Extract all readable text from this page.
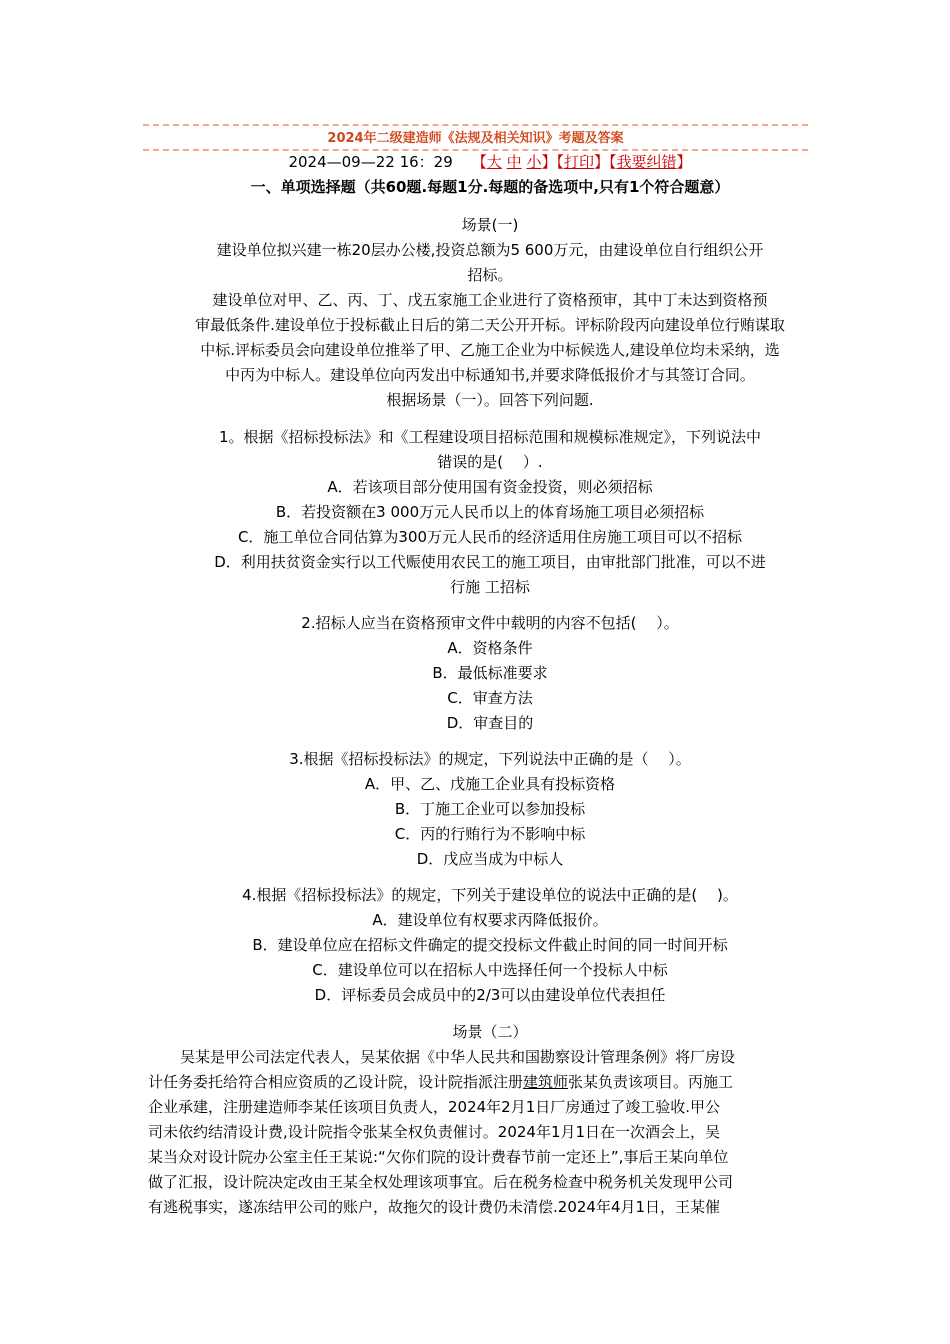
2024年二级建造师《法规及相关知识》考题及答案
2024—09—22 16：29 【大 中 小】【打印】【我要纠错】
一、单项选择题（共60题.每题1分.每题的备选项中,只有1个符合题意）
场景(一)
建设单位拟兴建一栋20层办公楼,投资总额为5 600万元，由建设单位自行组织公开
招标。
建设单位对甲、乙、丙、丁、戊五家施工企业进行了资格预审，其中丁未达到资格预
审最低条件.建设单位于投标截止日后的第二天公开开标。评标阶段丙向建设单位行贿谋取
中标.评标委员会向建设单位推举了甲、乙施工企业为中标候选人,建设单位均未采纳，选
中丙为中标人。建设单位向丙发出中标通知书,并要求降低报价才与其签订合同。
根据场景（一）。回答下列问题.
1。根据《招标投标法》和《工程建设项目招标范围和规模标准规定》，下列说法中
错误的是(　 ）.
A．若该项目部分使用国有资金投资，则必须招标
B．若投资额在3 000万元人民币以上的体育场施工项目必须招标
C．施工单位合同估算为300万元人民币的经济适用住房施工项目可以不招标
D．利用扶贫资金实行以工代赈使用农民工的施工项目，由审批部门批准，可以不进
行施 工招标
2.招标人应当在资格预审文件中载明的内容不包括(　 ）。
A．资格条件
B．最低标准要求
C．审查方法
D．审查目的
3.根据《招标投标法》的规定，下列说法中正确的是（　 ）。
A．甲、乙、戊施工企业具有投标资格
B．丁施工企业可以参加投标
C．丙的行贿行为不影响中标
D．戊应当成为中标人
4.根据《招标投标法》的规定，下列关于建设单位的说法中正确的是(　 )。
A．建设单位有权要求丙降低报价。
B．建设单位应在招标文件确定的提交投标文件截止时间的同一时间开标
C．建设单位可以在招标人中选择任何一个投标人中标
D．评标委员会成员中的2/3可以由建设单位代表担任
场景（二）
吴某是甲公司法定代表人，吴某依据《中华人民共和国勘察设计管理条例》将厂房设
计任务委托给符合相应资质的乙设计院，设计院指派注册建筑师张某负责该项目。丙施工
企业承建，注册建造师李某任该项目负责人，2024年2月1日厂房通过了竣工验收.甲公
司未依约结清设计费,设计院指令张某全权负责催讨。2024年1月1日在一次酒会上，吴
某当众对设计院办公室主任王某说:“欠你们院的设计费春节前一定还上”,事后王某向单位
做了汇报，设计院决定改由王某全权处理该项事宜。后在税务检查中税务机关发现甲公司
有逃税事实，遂冻结甲公司的账户，故拖欠的设计费仍未清偿.2024年4月1日，王某催
